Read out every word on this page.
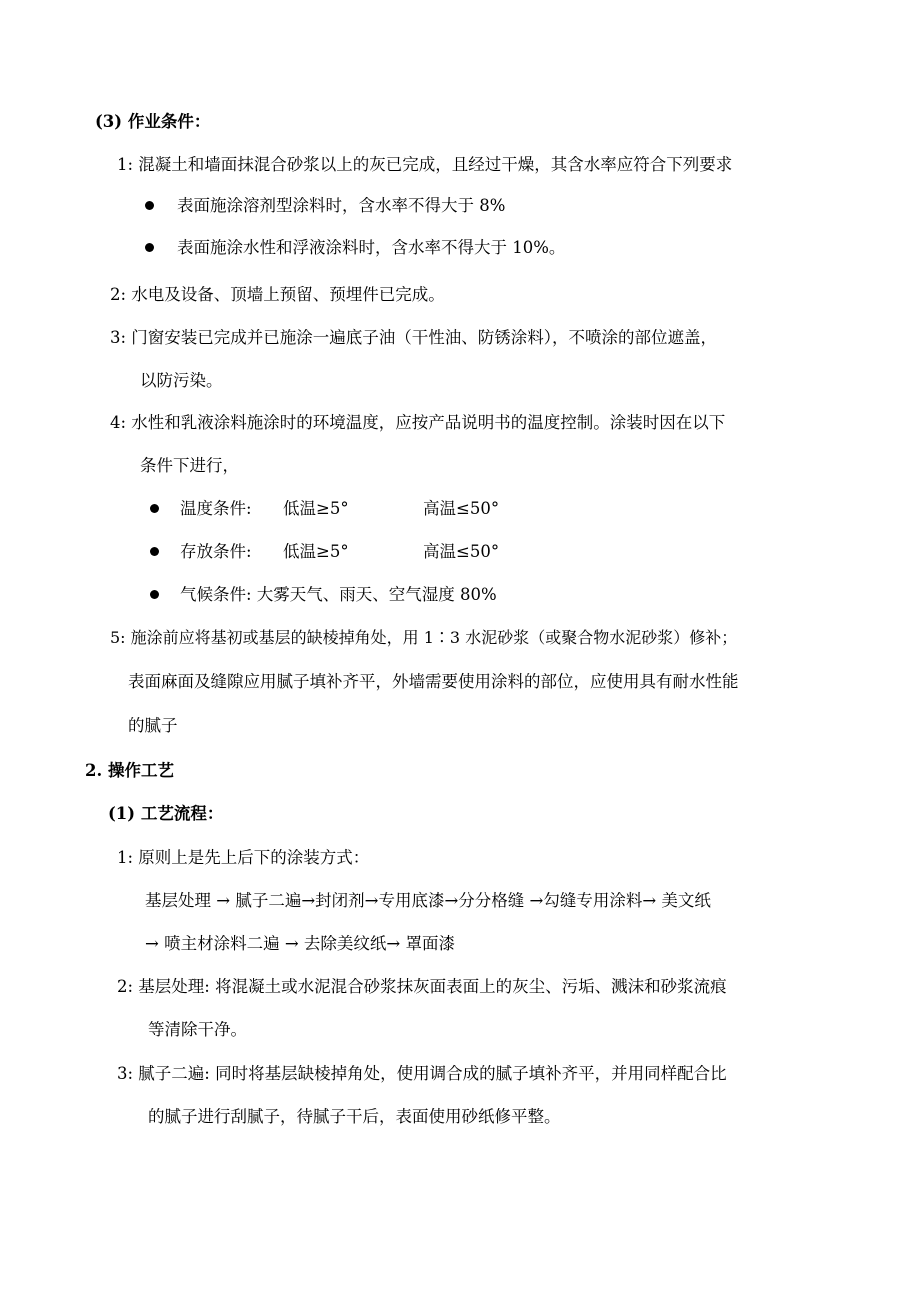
(3) 作业条件：
1: 混凝土和墙面抹混合砂浆以上的灰已完成，且经过干燥，其含水率应符合下列要求
表面施涂溶剂型涂料时，含水率不得大于 8%
表面施涂水性和浮液涂料时，含水率不得大于 10%。
2: 水电及设备、顶墙上预留、预埋件已完成。
3: 门窗安装已完成并已施涂一遍底子油（干性油、防锈涂料），不喷涂的部位遮盖，
以防污染。
4: 水性和乳液涂料施涂时的环境温度，应按产品说明书的温度控制。涂装时因在以下
条件下进行，
温度条件: 低温≥5°	高温≤50°
存放条件: 低温≥5°	高温≤50°
气候条件: 大雾天气、雨天、空气湿度 80%
5: 施涂前应将基初或基层的缺棱掉角处，用 1∶3 水泥砂浆（或聚合物水泥砂浆）修补；
表面麻面及缝隙应用腻子填补齐平，外墙需要使用涂料的部位，应使用具有耐水性能
的腻子
2. 操作工艺
(1) 工艺流程：
1: 原则上是先上后下的涂装方式：
基层处理 → 腻子二遍→封闭剂→专用底漆→分分格缝 →勾缝专用涂料→ 美文纸
→ 喷主材涂料二遍 → 去除美纹纸→ 罩面漆
2: 基层处理: 将混凝土或水泥混合砂浆抹灰面表面上的灰尘、污垢、溅沫和砂浆流痕
等清除干净。
3: 腻子二遍: 同时将基层缺棱掉角处，使用调合成的腻子填补齐平，并用同样配合比
的腻子进行刮腻子，待腻子干后，表面使用砂纸修平整。
